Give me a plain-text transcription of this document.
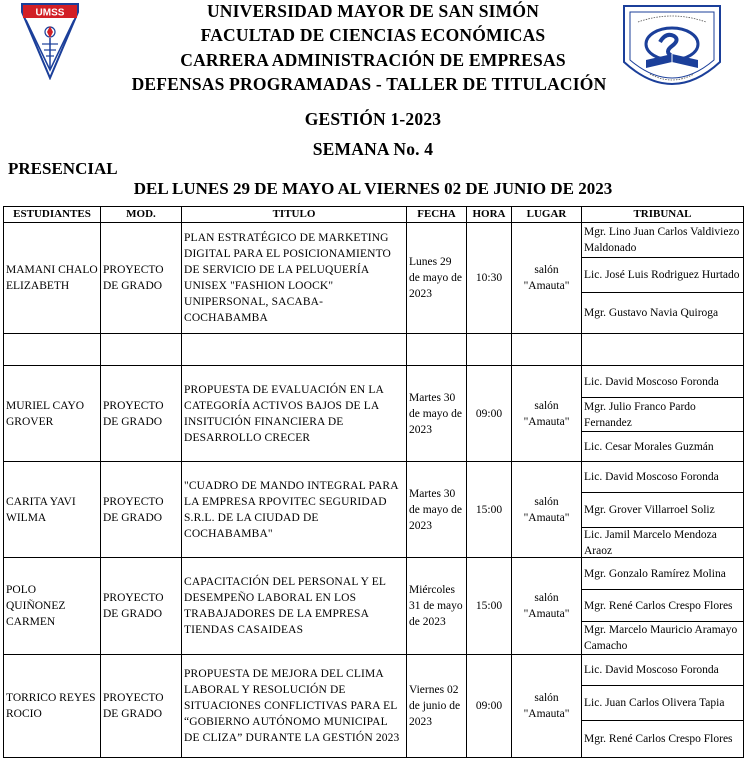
UMSS	UNIVERSIDAD MAYOR DE SAN SIMÓN
FACULTAD DE CIENCIAS ECONÓMICAS
CARRERA ADMINISTRACIÓN DE EMPRESAS
DEFENSAS PROGRAMADAS - TALLER DE TITULACIÓN
GESTIÓN 1-2023
SEMANA No. 4
PRESENCIAL
DEL LUNES 29 DE MAYO AL VIERNES 02 DE JUNIO DE 2023
ESTUDIANTES	MOD.	TITULO	FECHA	HORA	LUGAR	TRIBUNAL
MAMANI CHALO ELIZABETH	PROYECTO DE GRADO	PLAN ESTRATÉGICO DE MARKETING DIGITAL PARA EL POSICIONAMIENTO DE SERVICIO DE LA PELUQUERÍA UNISEX "FASHION LOOCK" UNIPERSONAL, SACABA-COCHABAMBA	Lunes 29 de mayo de 2023	10:30	salón "Amauta"	Mgr. Lino Juan Carlos Valdiviezo Maldonado
Lic. José Luis Rodriguez Hurtado
Mgr. Gustavo Navia Quiroga

MURIEL CAYO GROVER	PROYECTO DE GRADO	PROPUESTA DE EVALUACIÓN EN LA CATEGORÍA ACTIVOS BAJOS DE LA INSITUCIÓN FINANCIERA DE DESARROLLO CRECER	Martes 30 de mayo de 2023	09:00	salón "Amauta"	Lic. David Moscoso Foronda
Mgr. Julio Franco Pardo Fernandez
Lic. Cesar Morales Guzmán

CARITA YAVI WILMA	PROYECTO DE GRADO	"CUADRO DE MANDO INTEGRAL PARA LA EMPRESA RPOVITEC SEGURIDAD S.R.L. DE LA CIUDAD DE COCHABAMBA"	Martes 30 de mayo de 2023	15:00	salón "Amauta"	Lic. David Moscoso Foronda
Mgr. Grover Villarroel Soliz
Lic. Jamil Marcelo Mendoza Araoz

POLO QUIÑONEZ CARMEN	PROYECTO DE GRADO	CAPACITACIÓN DEL PERSONAL Y EL DESEMPEÑO LABORAL EN LOS TRABAJADORES DE LA EMPRESA TIENDAS CASAIDEAS	Miércoles 31 de mayo de 2023	15:00	salón "Amauta"	Mgr. Gonzalo Ramírez Molina
Mgr. René Carlos Crespo Flores
Mgr. Marcelo Mauricio Aramayo Camacho

TORRICO REYES ROCIO	PROYECTO DE GRADO	PROPUESTA DE MEJORA DEL CLIMA LABORAL Y RESOLUCIÓN DE SITUACIONES CONFLICTIVAS PARA EL “GOBIERNO AUTÓNOMO MUNICIPAL DE CLIZA” DURANTE LA GESTIÓN 2023	Viernes 02 de junio de 2023	09:00	salón "Amauta"	Lic. David Moscoso Foronda
Lic. Juan Carlos Olivera Tapia
Mgr. René Carlos Crespo Flores
